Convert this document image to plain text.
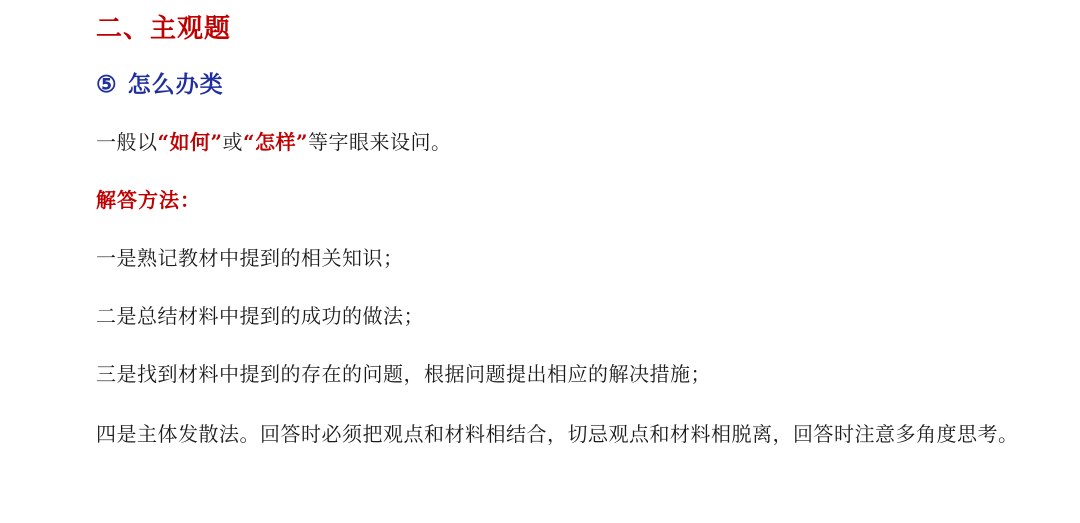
二、主观题
⑤ 怎么办类

一般以“如何”或“怎样”等字眼来设问。

解答方法：

一是熟记教材中提到的相关知识；

二是总结材料中提到的成功的做法；

三是找到材料中提到的存在的问题，根据问题提出相应的解决措施；

四是主体发散法。回答时必须把观点和材料相结合，切忌观点和材料相脱离，回答时注意多角度思考。
